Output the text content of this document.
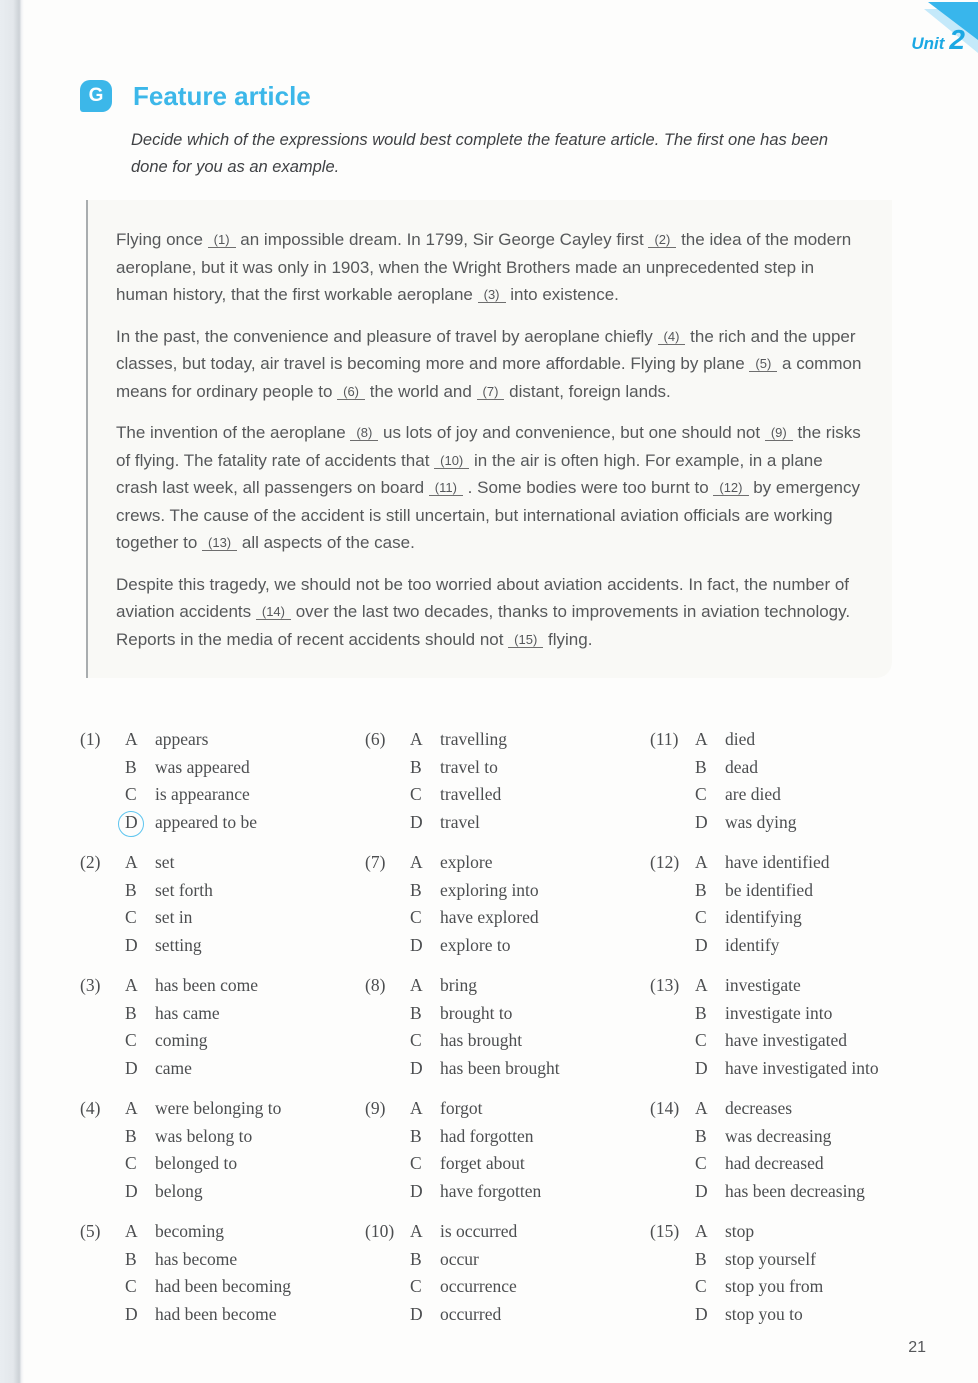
Unit 2
G	Feature article
Decide which of the expressions would best complete the feature article. The first one has been done for you as an example.

Flying once (1) an impossible dream. In 1799, Sir George Cayley first (2) the idea of the modern aeroplane, but it was only in 1903, when the Wright Brothers made an unprecedented step in human history, that the first workable aeroplane (3) into existence.

In the past, the convenience and pleasure of travel by aeroplane chiefly (4) the rich and the upper classes, but today, air travel is becoming more and more affordable. Flying by plane (5) a common means for ordinary people to (6) the world and (7) distant, foreign lands.

The invention of the aeroplane (8) us lots of joy and convenience, but one should not (9) the risks of flying. The fatality rate of accidents that (10) in the air is often high. For example, in a plane crash last week, all passengers on board (11) . Some bodies were too burnt to (12) by emergency crews. The cause of the accident is still uncertain, but international aviation officials are working together to (13) all aspects of the case.

Despite this tragedy, we should not be too worried about aviation accidents. In fact, the number of aviation accidents (14) over the last two decades, thanks to improvements in aviation technology. Reports in the media of recent accidents should not (15) flying.

(1)	A appears
B	was appeared
C	is appearance
D appeared to be
(2)	A set
B	set forth
C	set in
D setting
(3)	A has been come
B	has came
C	coming
D came
(4)	A were belonging to
B	was belong to
C	belonged to
D belong
(5)	A becoming
B	has become
C	had been becoming
D had been become
(6)	A travelling
B	travel to
C	travelled
D travel
(7)	A explore
B	exploring into
C	have explored
D explore to
(8)	A bring
B	brought to
C	has brought
D has been brought
(9)	A forgot
B	had forgotten
C	forget about
D have forgotten
(10) A is occurred
B	occur
C	occurrence
D occurred
(11) A died
B	dead
C	are died
D was dying
(12) A have identified
B	be identified
C	identifying
D identify
(13) A investigate
B	investigate into
C	have investigated
D have investigated into
(14) A decreases
B	was decreasing
C	had decreased
D has been decreasing
(15) A stop
B	stop yourself
C	stop you from
D stop you to
21
